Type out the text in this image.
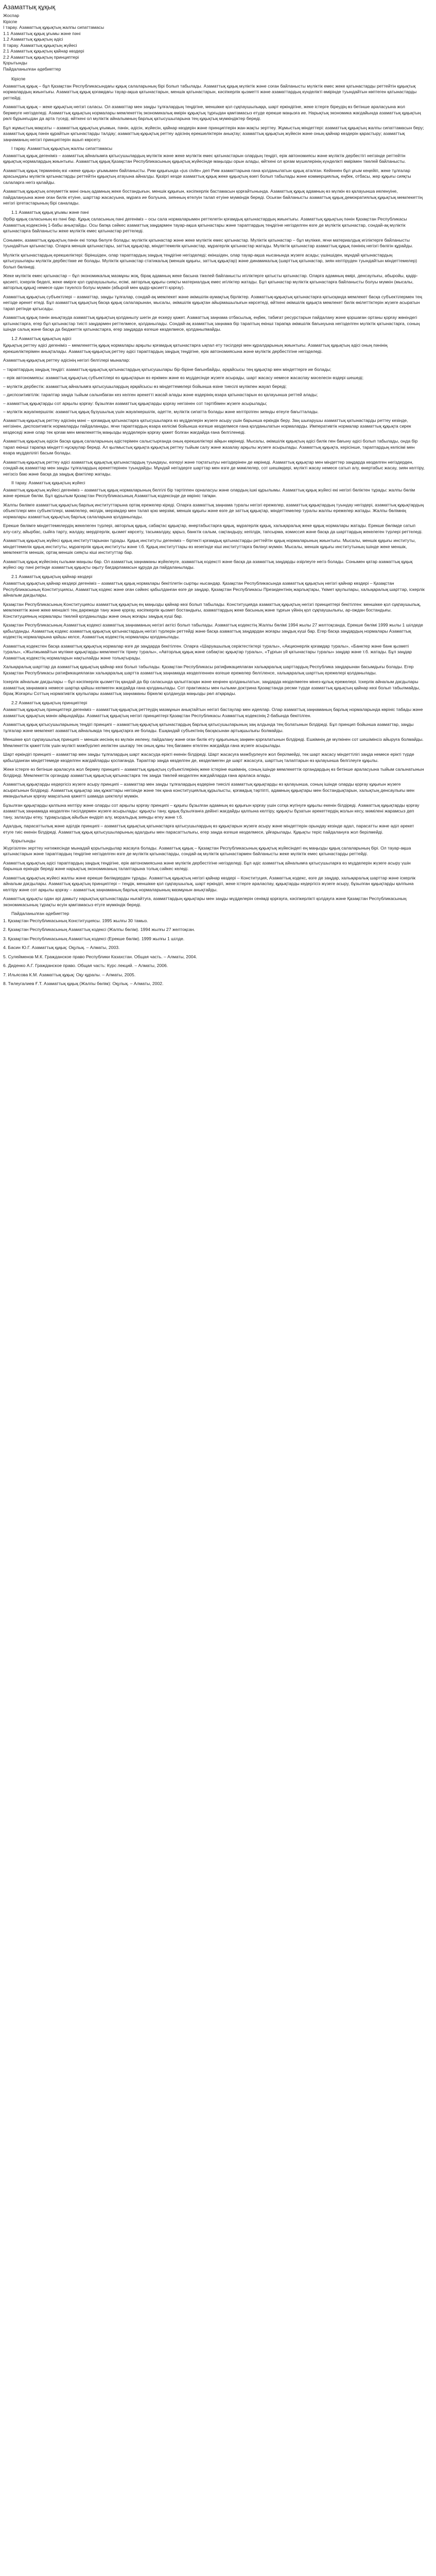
Азаматтық құқық
Жоспар
Кіріспе
І тарау. Азаматтық құқықтың жалпы сипаттамасы
1.1 Азаматтық құқық ұғымы және пәні
1.2 Азаматтық құқықтың әдісі
ІІ тарау. Азаматтық құқықтың жүйесі
2.1 Азаматтық құқықтың қайнар көздері
2.2 Азаматтық құқықтың принциптері
Қорытынды
Пайдаланылған әдебиеттер
Кіріспе

Азаматтық құқық – бұл Қазақстан Республикасындағы құқық салаларының бірі болып табылады. Азаматтық құқық мүліктік және соған байланысты мүліктік емес жеке қатынастарды реттейтін құқықтық нормалардың жиынтығы. Азаматтық құқық қоғамдағы тауар-ақша қатынастарын, меншік қатынастарын, кәсіпкерлік қызметті және азаматтардың күнделікті өмірінде туындайтын көптеген қатынастарды реттейді.

Азаматтық құқық – жеке құқықтың негізгі саласы. Ол азаматтар мен заңды тұлғалардың теңдігіне, меншікке қол сұқпаушылыққа, шарт еркіндігіне, жеке істерге біреудің өз бетінше араласуына жол бермеуге негізделеді. Азаматтық құқықтың нормалары мемлекеттің экономикалық өмірін құқықтық тұрғыдан қамтамасыз етуде ерекше маңызға ие. Нарықтық экономика жағдайында азаматтық құқықтың рөлі бұрынғыдан да арта түседі, өйткені ол мүліктік айналымның барлық қатысушыларына тең құқықтық мүмкіндіктер береді.

Бұл жұмыстың мақсаты – азаматтық құқықтың ұғымын, пәнін, әдісін, жүйесін, қайнар көздерін және принциптерін жан-жақты зерттеу. Жұмыстың міндеттері: азаматтық құқықтың жалпы сипаттамасын беру; азаматтық құқық пәнін құрайтын қатынастарды талдау; азаматтық-құқықтық реттеу әдісінің ерекшеліктерін анықтау; азаматтық құқықтың жүйесін және оның қайнар көздерін қарастыру; азаматтық заңнаманың негізгі принциптерін ашып көрсету.

І тарау. Азаматтық құқықтың жалпы сипаттамасы

Азаматтық құқық дегеніміз – азаматтық айналымға қатысушылардың мүліктік және жеке мүліктік емес қатынастарын олардың теңдігі, ерік автономиясы және мүліктік дербестігі негізінде реттейтін құқықтық нормалардың жиынтығы. Азаматтық құқық Қазақстан Республикасының құқықтық жүйесінде маңызды орын алады, өйткені ол қоғам мүшелерінің күнделікті өмірімен тікелей байланысты.

Азаматтық құқық терминінің өзі «жеке құқық» ұғымымен байланысты. Рим құқығында «jus civile» деп Рим азаматтарына ғана қолданылатын құқық аталған. Кейіннен бұл ұғым кеңейіп, жеке тұлғалар арасындағы мүліктік қатынастарды реттейтін құқықтың атауына айналды. Қазіргі кезде азаматтық құқық жеке құқықтың өзегі болып табылады және коммерциялық, еңбек, отбасы, жер құқығы сияқты салаларға негіз қалайды.

Азаматтық құқықтың әлеуметтік мәні оның адамның жеке бостандығын, меншік құқығын, кәсіпкерлік бастамасын қорғайтынында. Азаматтық құқық адамның өз мүлкін өз қалауынша иеленуіне, пайдалануына және оған билік етуіне, шарттар жасасуына, мұраға ие болуына, зиянның өтелуін талап етуіне мүмкіндік береді. Осыған байланысты азаматтық құқық демократиялық құқықтық мемлекеттің негізгі іргетастарының бірі саналады.

1.1 Азаматтық құқық ұғымы және пәні

Әрбір құқық саласының өз пәні бар. Құқық саласының пәні дегеніміз – осы сала нормаларымен реттелетін қоғамдық қатынастардың жиынтығы. Азаматтық құқықтың пәнін Қазақстан Республикасы Азаматтық кодексінің 1-бабы анықтайды. Осы бапқа сәйкес азаматтық заңдармен тауар-ақша қатынастары және тараптардың теңдігіне негізделген өзге де мүліктік қатынастар, сондай-ақ мүліктік қатынастарға байланысты жеке мүліктік емес қатынастар реттеледі.

Сонымен, азаматтық құқықтың пәнін екі топқа бөлуге болады: мүліктік қатынастар және жеке мүліктік емес қатынастар. Мүліктік қатынастар – бұл мүлікке, яғни материалдық игіліктерге байланысты туындайтын қатынастар. Оларға меншік қатынастары, заттық құқықтар, міндеттемелік қатынастар, мұрагерлік қатынастар жатады. Мүліктік қатынастар азаматтық құқық пәнінің негізгі бөлігін құрайды.

Мүліктік қатынастардың ерекшеліктері: біріншіден, олар тараптардың заңдық теңдігіне негізделеді; екіншіден, олар тауар-ақша нысанында жүзеге асады; үшіншіден, мұндай қатынастардың қатысушылары мүліктік дербестікке ие болады. Мүліктік қатынастар статикалық (меншік құқығы, заттық құқықтар) және динамикалық (шарттық қатынастар, зиян келтіруден туындайтын міндеттемелер) болып бөлінеді.

Жеке мүліктік емес қатынастар – бұл экономикалық мазмұны жоқ, бірақ адамның жеке басына тікелей байланысты игіліктерге қатысты қатынастар. Оларға адамның өмірі, денсаулығы, абыройы, қадір-қасиеті, іскерлік беделі, жеке өмірге қол сұқпаушылығы, есімі, авторлық құқығы сияқты материалдық емес игіліктер жатады. Бұл қатынастар мүліктік қатынастарға байланысты болуы мүмкін (мысалы, авторлық құқық) немесе одан тәуелсіз болуы мүмкін (абырой мен қадір-қасиетті қорғау).

Азаматтық құқықтың субъектілері – азаматтар, заңды тұлғалар, сондай-ақ мемлекет және әкімшілік-аумақтық бірліктер. Азаматтық-құқықтық қатынастарға қатысқанда мемлекет басқа субъектілермен тең негізде әрекет етеді. Бұл азаматтық құқықтың басқа құқық салаларынан, мысалы, әкімшілік құқықтан айырмашылығын көрсетеді, өйткені әкімшілік құқықта мемлекет билік өкілеттіктерін жүзеге асыратын тарап ретінде қатысады.

Азаматтық құқық пәнін анықтауда азаматтық құқықтың қолданылу шегін де ескеру қажет. Азаматтық заңнама отбасылық, еңбек, табиғат ресурстарын пайдалану және қоршаған ортаны қорғау жөніндегі қатынастарға, егер бұл қатынастар тиісті заңдармен реттелмесе, қолданылады. Сондай-ақ азаматтық заңнама бір тараптың екінші тарапқа әкімшілік бағынуына негізделген мүліктік қатынастарға, соның ішінде салық және басқа да бюджеттік қатынастарға, егер заңдарда өзгеше көзделмесе, қолданылмайды.

1.2 Азаматтық құқықтың әдісі

Құқықтық реттеу әдісі дегеніміз – мемлекеттің құқық нормалары арқылы қоғамдық қатынастарға ықпал ету тәсілдері мен құралдарының жиынтығы. Азаматтық құқықтың әдісі оның пәнінің ерекшеліктерімен анықталады. Азаматтық-құқықтық реттеу әдісі тараптардың заңдық теңдігіне, ерік автономиясына және мүліктік дербестігіне негізделеді.

Азаматтық-құқықтық реттеу әдісінің негізгі белгілері мыналар:

– тараптардың заңдық теңдігі: азаматтық-құқықтық қатынастардың қатысушылары бір-біріне бағынбайды, әрқайсысы тең құқықтар мен міндеттерге ие болады;
– ерік автономиясы: азаматтық құқықтың субъектілері өз құқықтарын өз еркімен және өз мүддесінде жүзеге асырады, шарт жасасу немесе жасаспау мәселесін өздері шешеді;
– мүліктік дербестік: азаматтық айналымға қатысушылардың әрқайсысы өз міндеттемелері бойынша өзіне тиесілі мүлікпен жауап береді;
– диспозитивтілік: тараптар заңда тыйым салынбаған кез келген әрекетті жасай алады және өздерінің өзара қатынастарын өз қалауынша реттей алады;
– азаматтық құқықтарды сот арқылы қорғау: бұзылған азаматтық құқықтарды қорғау негізінен сот тәртібімен жүзеге асырылады;
– мүліктік жауапкершілік: азаматтық құқық бұзушылық үшін жауапкершілік, әдетте, мүліктік сипатта болады және келтірілген зиянды өтеуге бағытталады.

Азаматтық-құқықтық реттеу әдісінің мәні – қоғамдық қатынастарға қатысушыларға өз мүдделерін жүзеге асыру үшін барынша еркіндік беру. Заң шығарушы азаматтық қатынастарды реттеу кезінде, негізінен, диспозитивтік нормаларды пайдаланады, яғни тараптардың өзара келісімі бойынша өзгеше көзделмесе ғана қолданылатын нормаларды. Императивтік нормалар азаматтық құқықта сирек кездеседі және олар тек қоғам мен мемлекеттің маңызды мүдделерін қорғау қажет болған жағдайда ғана белгіленеді.

Азаматтық құқықтың әдісін басқа құқық салаларының әдістерімен салыстырғанда оның ерекшеліктері айқын көрінеді. Мысалы, әкімшілік құқықтың әдісі билік пен бағыну әдісі болып табылады, онда бір тарап екінші тарапқа міндетті нұсқаулар береді. Ал қылмыстық құқықта құқықтық реттеу тыйым салу және жазалау арқылы жүзеге асырылады. Азаматтық құқықта, керісінше, тараптардың келісімі мен өзара мүдделілігі басым болады.

Азаматтық-құқықтық реттеу әдісі азаматтық құқықтық қатынастардың туындауы, өзгеруі және тоқтатылуы негіздерінен де көрінеді. Азаматтық құқықтар мен міндеттер заңдарда көзделген негіздерден, сондай-ақ азаматтар мен заңды тұлғалардың әрекеттерінен туындайды. Мұндай негіздерге шарттар мен өзге де мәмілелер, сот шешімдері, мүлікті жасау немесе сатып алу, өнертабыс жасау, зиян келтіру, негізсіз баю және басқа да заңдық фактілер жатады.

ІІ тарау. Азаматтық құқықтың жүйесі

Азаматтық құқықтың жүйесі дегеніміз – азаматтық құқық нормаларының белгілі бір тәртіппен орналасуы және олардың ішкі құрылымы. Азаматтық құқық жүйесі екі негізгі бөліктен тұрады: жалпы бөлім және ерекше бөлім. Бұл құрылым Қазақстан Республикасының Азаматтық кодексінде де көрініс тапқан.

Жалпы бөлімге азаматтық құқықтың барлық институттарына ортақ ережелер кіреді. Оларға азаматтық заңнама туралы негізгі ережелер, азаматтық құқықтардың туындау негіздері, азаматтық құқықтардың объектілері мен субъектілері, мәмілелер, өкілдік, мерзімдер мен талап қою мерзімі, меншік құқығы және өзге де заттық құқықтар, міндеттемелер туралы жалпы ережелер жатады. Жалпы бөлімнің нормалары азаматтық құқықтың барлық салаларына қолданылады.

Ерекше бөлімге міндеттемелердің жекелеген түрлері, авторлық құқық, сабақтас құқықтар, өнертабыстарға құқық, мұрагерлік құқық, халықаралық жеке құқық нормалары жатады. Ерекше бөлімде сатып алу-сату, айырбас, сыйға тарту, жалдау, мердігерлік, қызмет көрсету, тасымалдау, қарыз, банктік салым, сақтандыру, кепілдік, тапсырма, комиссия және басқа да шарттардың жекелеген түрлері реттеледі.

Азаматтық құқықтың жүйесі құқық институттарынан тұрады. Құқық институты дегеніміз – біртекті қоғамдық қатынастарды реттейтін құқық нормаларының жиынтығы. Мысалы, меншік құқығы институты, міндеттемелік құқық институты, мұрагерлік құқық институты және т.б. Құқық институттары өз кезегінде кіші институттарға бөлінуі мүмкін. Мысалы, меншік құқығы институтының ішінде жеке меншік, мемлекеттік меншік, ортақ меншік сияқты кіші институттар бар.

Азаматтық құқық жүйесінің ғылыми маңызы бар. Ол азаматтық заңнаманы жүйелеуге, азаматтық кодексті және басқа да азаматтық заңдарды әзірлеуге негіз болады. Сонымен қатар азаматтық құқық жүйесі оқу пәні ретінде азаматтық құқықты оқыту бағдарламасын құруда да пайдаланылады.

2.1 Азаматтық құқықтың қайнар көздері

Азаматтық құқықтың қайнар көздері дегеніміз – азаматтық құқық нормалары бекітілетін сыртқы нысандар. Қазақстан Республикасында азаматтық құқықтың негізгі қайнар көздері – Қазақстан Республикасының Конституциясы, Азаматтық кодекс және оған сәйкес қабылданған өзге де заңдар, Қазақстан Республикасы Президентінің жарлықтары, Үкімет қаулылары, халықаралық шарттар, іскерлік айналым дағдылары.

Қазақстан Республикасының Конституциясы азаматтық құқықтың ең маңызды қайнар көзі болып табылады. Конституцияда азаматтық құқықтың негізгі принциптері бекітілген: меншікке қол сұқпаушылық, мемлекеттік және жеке меншікті тең дәрежеде тану және қорғау, кәсіпкерлік қызмет бостандығы, азаматтардың жеке басының және тұрғын үйінің қол сұқпаушылығы, ар-ождан бостандығы. Конституцияның нормалары тікелей қолданылады және оның жоғары заңдық күші бар.

Қазақстан Республикасының Азаматтық кодексі азаматтық заңнаманың негізгі актісі болып табылады. Азаматтық кодекстің Жалпы бөлімі 1994 жылы 27 желтоқсанда, Ерекше бөлімі 1999 жылы 1 шілдеде қабылданды. Азаматтық кодекс азаматтық құқықтық қатынастардың негізгі түрлерін реттейді және басқа азаматтық заңдардан жоғары заңдық күші бар. Егер басқа заңдардың нормалары Азаматтық кодекстің нормаларына қайшы келсе, Азаматтық кодекстің нормалары қолданылады.

Азаматтық кодекстен басқа азаматтық құқықтық нормалар өзге де заңдарда бекітілген. Оларға «Шаруашылық серіктестіктері туралы», «Акционерлік қоғамдар туралы», «Банктер және банк қызметі туралы», «Жылжымайтын мүлікке құқықтарды мемлекеттік тіркеу туралы», «Авторлық құқық және сабақтас құқықтар туралы», «Тұрғын үй қатынастары туралы» заңдар және т.б. жатады. Бұл заңдар Азаматтық кодекстің нормаларын нақтылайды және толықтырады.

Халықаралық шарттар да азаматтық құқықтың қайнар көзі болып табылады. Қазақстан Республикасы ратификациялаған халықаралық шарттардың Республика заңдарынан басымдығы болады. Егер Қазақстан Республикасы ратификациялаған халықаралық шартта азаматтық заңнамада көзделгеннен өзгеше ережелер белгіленсе, халықаралық шарттың ережелері қолданылады.

Іскерлік айналым дағдылары – бұл кәсіпкерлік қызметтің қандай да бір саласында қалыптасқан және кеңінен қолданылатын, заңдарда көзделмеген мінез-құлық ережелері. Іскерлік айналым дағдылары азаматтық заңнамаға немесе шартқа қайшы келмеген жағдайда ғана қолданылады. Сот практикасы мен ғылыми доктрина Қазақстанда ресми түрде азаматтық құқықтың қайнар көзі болып табылмайды, бірақ Жоғарғы Соттың нормативтік қаулылары азаматтық заңнаманы біркелкі қолдануда маңызды рөл атқарады.

2.2 Азаматтық құқықтың принциптері

Азаматтық құқықтың принциптері дегеніміз – азаматтық-құқықтық реттеудің мазмұнын анықтайтын негізгі бастаулар мен идеялар. Олар азаматтық заңнаманың барлық нормаларында көрініс табады және азаматтық құқықтың мәнін айқындайды. Азаматтық құқықтың негізгі принциптері Қазақстан Республикасы Азаматтық кодексінің 2-бабында бекітілген.

Азаматтық құқық қатысушыларының теңдігі принципі – азаматтық-құқықтық қатынастардың барлық қатысушыларының заң алдында тең болатынын білдіреді. Бұл принцип бойынша азаматтар, заңды тұлғалар және мемлекет азаматтық айналымда тең құқықтарға ие болады. Ешқандай субъектінің басқасынан артықшылығы болмайды.

Меншікке қол сұқпаушылық принципі – меншік иесінің өз мүлкін иелену, пайдалану және оған билік ету құқығының заңмен қорғалатынын білдіреді. Ешкімнің де мүлкінен сот шешімінсіз айыруға болмайды. Мемлекеттік қажеттілік үшін мүлікті мәжбүрлеп иеліктен шығару тек оның құны тең бағамен өтелген жағдайда ғана жүзеге асырылады.

Шарт еркіндігі принципі – азаматтар мен заңды тұлғалардың шарт жасасуда ерікті екенін білдіреді. Шарт жасасуға мәжбүрлеуге жол берілмейді, тек шарт жасасу міндеттілігі заңда немесе ерікті түрде қабылданған міндеттемеде көзделген жағдайларды қоспағанда. Тараптар заңда көзделген де, көзделмеген де шарт жасасуға, шарттың талаптарын өз қалауынша белгілеуге құқылы.

Жеке істерге өз бетінше араласуға жол бермеу принципі – азаматтық құқықтың субъектілерінің жеке істеріне ешкімнің, соның ішінде мемлекеттік органдардың өз бетінше араласуына тыйым салынатынын білдіреді. Мемлекеттік органдар азаматтық құқықтық қатынастарға тек заңда тікелей көзделген жағдайларда ғана араласа алады.

Азаматтық құқықтарды кедергісіз жүзеге асыру принципі – азаматтар мен заңды тұлғалардың өздеріне тиесілі азаматтық құқықтарды өз қалауынша, соның ішінде оларды қорғау құқығын жүзеге асыратынын білдіреді. Азаматтық құқықтар заң құжаттары негізінде және тек қана конституциялық құрылысты, қоғамдық тәртіпті, адамның құқықтары мен бостандықтарын, халықтың денсаулығы мен имандылығын қорғау мақсатына қажетті шамада шектелуі мүмкін.

Бұзылған құқықтарды қалпына келтіру және оларды сот арқылы қорғау принципі – құқығы бұзылған адамның өз құқығын қорғау үшін сотқа жүгінуге құқылы екенін білдіреді. Азаматтық құқықтарды қорғау азаматтық заңнамада көзделген тәсілдермен жүзеге асырылады: құқықты тану, құқық бұзылғанға дейінгі жағдайды қалпына келтіру, құқықты бұзатын әрекеттердің жолын кесу, мәмілені жарамсыз деп тану, залалды өтеу, тұрақсыздық айыбын өндіріп алу, моральдық зиянды өтеу және т.б.

Адалдық, парасаттылық және әділдік принципі – азаматтық құқықтық қатынастарға қатысушылардың өз құқықтарын жүзеге асыру және міндеттерін орындау кезінде адал, парасатты және әділ әрекет етуге тиіс екенін білдіреді. Азаматтық құқық қатысушыларының адалдығы мен парасаттылығы, егер заңда өзгеше көзделмесе, ұйғарылады. Құқықты теріс пайдалануға жол берілмейді.

Қорытынды

Жүргізілген зерттеу нәтижесінде мынадай қорытындылар жасауға болады. Азаматтық құқық – Қазақстан Республикасының құқықтық жүйесіндегі ең маңызды құқық салаларының бірі. Ол тауар-ақша қатынастарын және тараптардың теңдігіне негізделген өзге де мүліктік қатынастарды, сондай-ақ мүліктік қатынастармен байланысты жеке мүліктік емес қатынастарды реттейді.

Азаматтық құқықтың әдісі тараптардың заңдық теңдігіне, ерік автономиясына және мүліктік дербестігіне негізделеді. Бұл әдіс азаматтық айналымға қатысушыларға өз мүдделерін жүзеге асыру үшін барынша еркіндік береді және нарықтық экономиканың талаптарына толық сәйкес келеді.

Азаматтық құқықтың жүйесі жалпы және ерекше бөлімдерден тұрады. Азаматтық құқықтың негізгі қайнар көздері – Конституция, Азаматтық кодекс, өзге де заңдар, халықаралық шарттар және іскерлік айналым дағдылары. Азаматтық құқықтың принциптері – теңдік, меншікке қол сұқпаушылық, шарт еркіндігі, жеке істерге араласпау, құқықтарды кедергісіз жүзеге асыру, бұзылған құқықтарды қалпына келтіру және сот арқылы қорғау – азаматтық заңнаманың барлық нормаларының мазмұнын анықтайды.

Азаматтық құқықты одан әрі дамыту нарықтық қатынастарды нығайтуға, азаматтардың құқықтары мен заңды мүдделерін сенімді қорғауға, кәсіпкерлікті қолдауға және Қазақстан Республикасының экономикасының тұрақты өсуін қамтамасыз етуге мүмкіндік береді.

Пайдаланылған әдебиеттер

1. Қазақстан Республикасының Конституциясы. 1995 жылғы 30 тамыз.

2. Қазақстан Республикасының Азаматтық кодексі (Жалпы бөлім). 1994 жылғы 27 желтоқсан.

3. Қазақстан Республикасының Азаматтық кодексі (Ерекше бөлім). 1999 жылғы 1 шілде.

4. Басин Ю.Г. Азаматтық құқық: Оқулық. – Алматы, 2003.

5. Сулейменов М.К. Гражданское право Республики Казахстан. Общая часть. – Алматы, 2004.

6. Диденко А.Г. Гражданское право. Общая часть: Курс лекций. – Алматы, 2006.

7. Ильясова К.М. Азаматтық құқық: Оқу құралы. – Алматы, 2005.

8. Төлеугалиев Ғ.Т. Азаматтық құқық (Жалпы бөлім): Оқулық. – Алматы, 2002.
